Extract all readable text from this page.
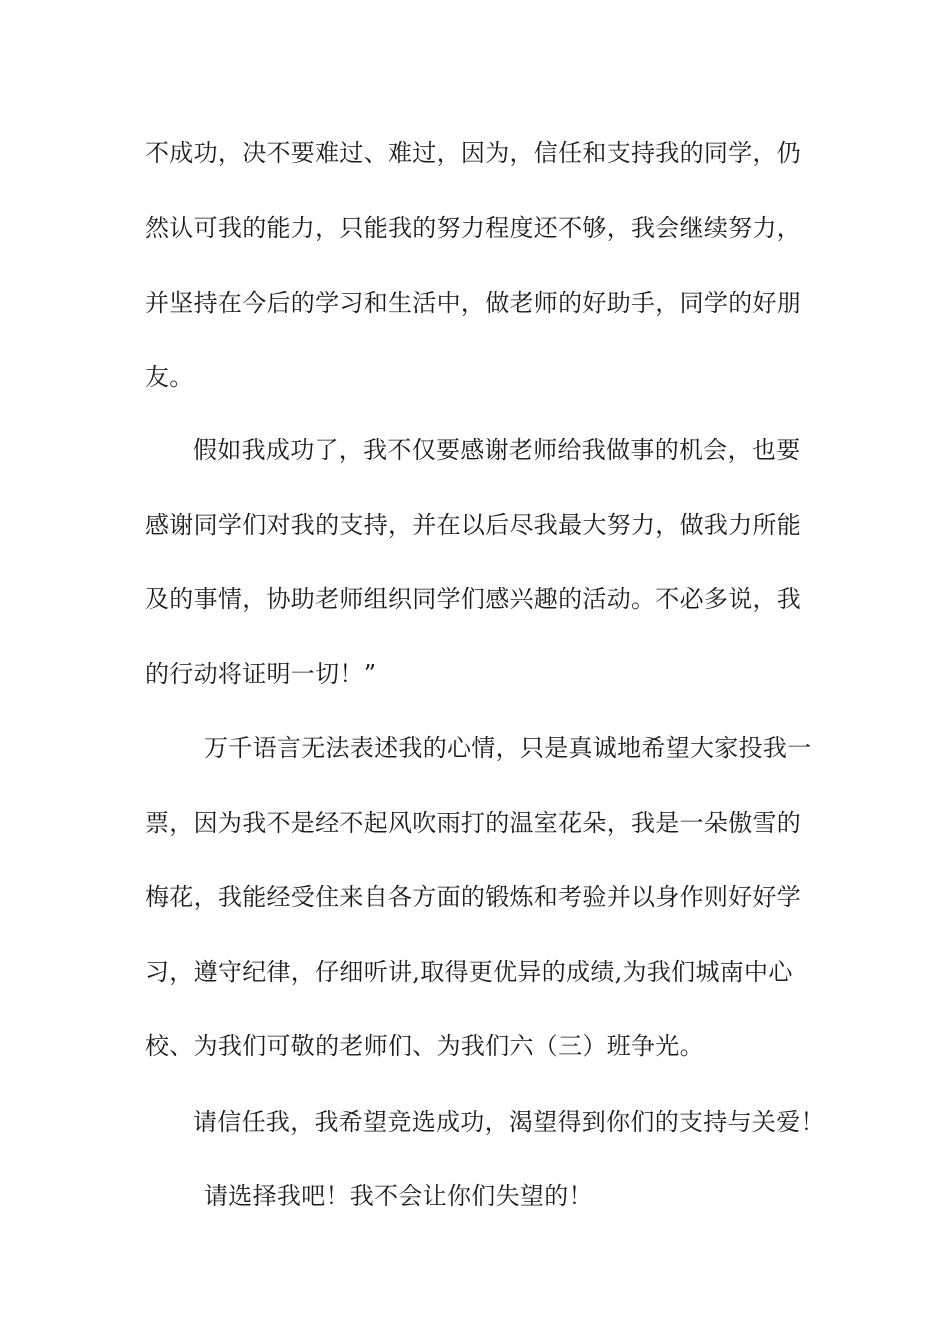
不成功，决不要难过、难过，因为，信任和支持我的同学，仍

然认可我的能力，只能我的努力程度还不够，我会继续努力，

并坚持在今后的学习和生活中，做老师的好助手，同学的好朋

友。

假如我成功了，我不仅要感谢老师给我做事的机会，也要

感谢同学们对我的支持，并在以后尽我最大努力，做我力所能

及的事情，协助老师组织同学们感兴趣的活动。不必多说，我

的行动将证明一切！”

万千语言无法表述我的心情，只是真诚地希望大家投我一

票，因为我不是经不起风吹雨打的温室花朵，我是一朵傲雪的

梅花，我能经受住来自各方面的锻炼和考验并以身作则好好学

习，遵守纪律，仔细听讲,取得更优异的成绩,为我们城南中心

校、为我们可敬的老师们、为我们六（三）班争光。

请信任我，我希望竞选成功，渴望得到你们的支持与关爱！

请选择我吧！我不会让你们失望的！
